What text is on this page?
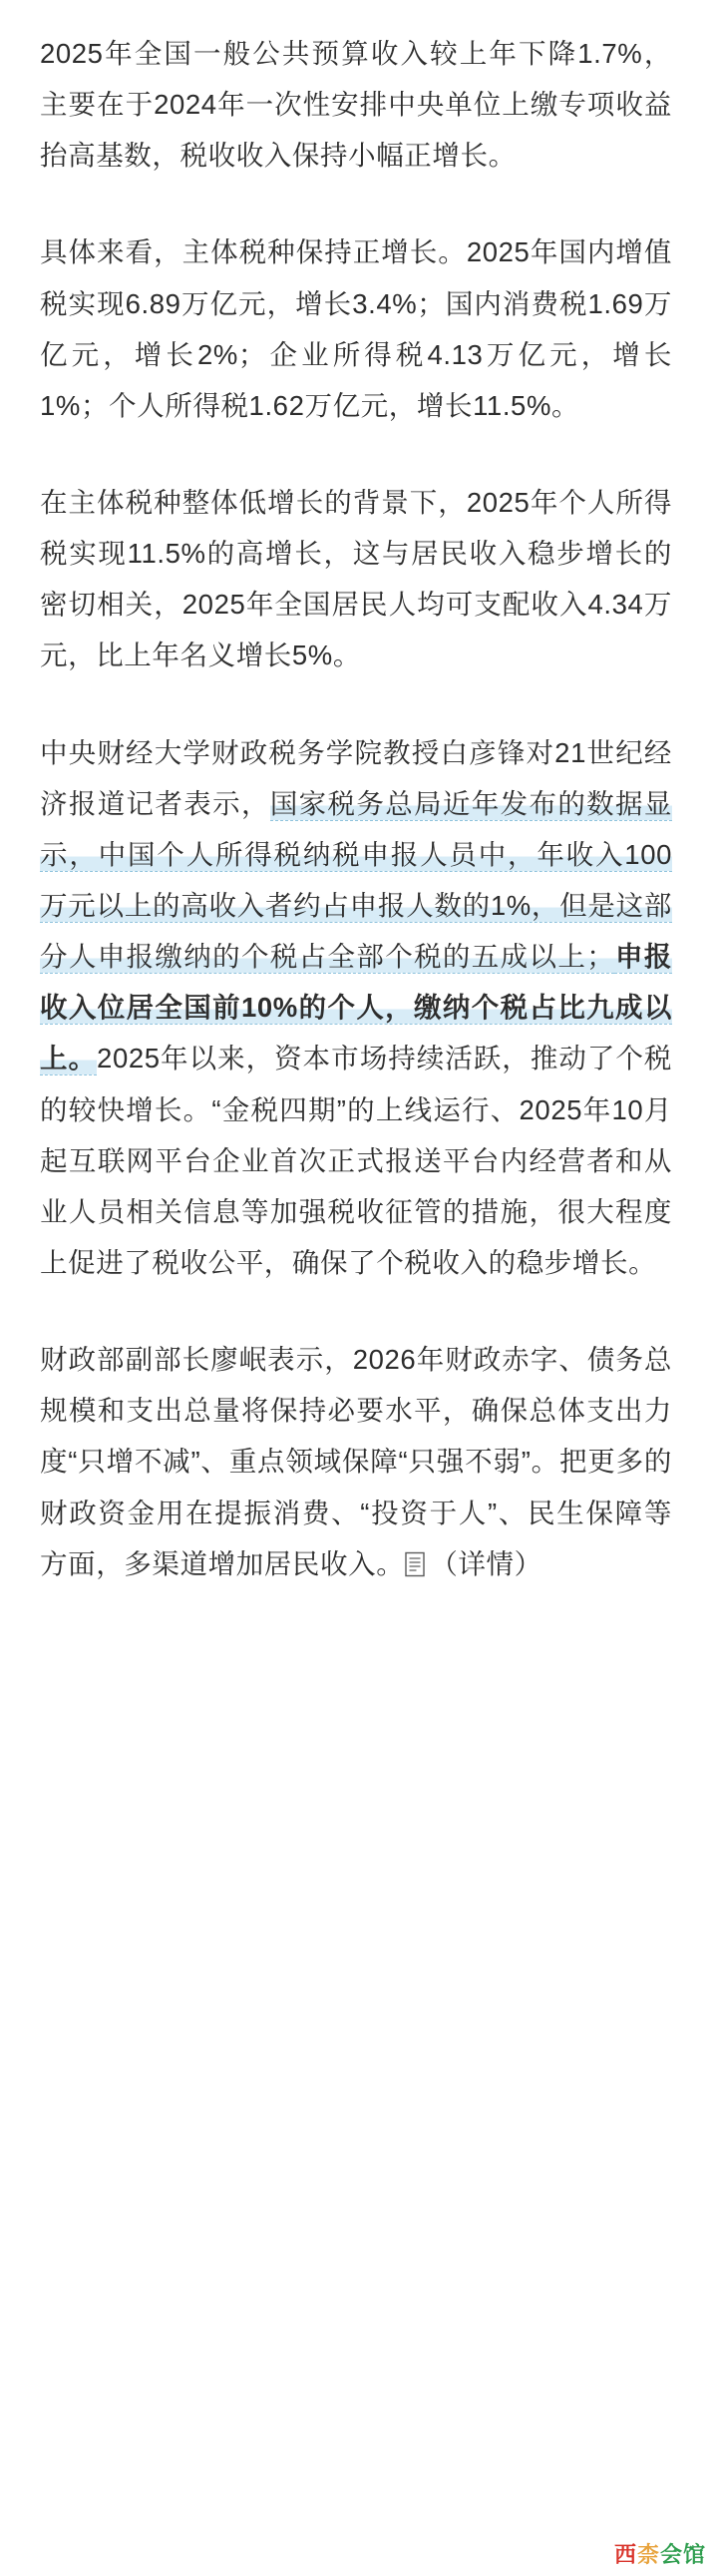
2025年全国一般公共预算收入较上年下降1.7%，主要在于2024年一次性安排中央单位上缴专项收益抬高基数，税收收入保持小幅正增长。

具体来看，主体税种保持正增长。2025年国内增值税实现6.89万亿元，增长3.4%；国内消费税1.69万亿元，增长2%；企业所得税4.13万亿元，增长1%；个人所得税1.62万亿元，增长11.5%。

在主体税种整体低增长的背景下，2025年个人所得税实现11.5%的高增长，这与居民收入稳步增长的密切相关，2025年全国居民人均可支配收入4.34万元，比上年名义增长5%。

中央财经大学财政税务学院教授白彦锋对21世纪经济报道记者表示，国家税务总局近年发布的数据显示，中国个人所得税纳税申报人员中，年收入100万元以上的高收入者约占申报人数的1%，但是这部分人申报缴纳的个税占全部个税的五成以上；申报收入位居全国前10%的个人，缴纳个税占比九成以上。2025年以来，资本市场持续活跃，推动了个税的较快增长。“金税四期”的上线运行、2025年10月起互联网平台企业首次正式报送平台内经营者和从业人员相关信息等加强税收征管的措施，很大程度上促进了税收公平，确保了个税收入的稳步增长。

财政部副部长廖岷表示，2026年财政赤字、债务总规模和支出总量将保持必要水平，确保总体支出力度“只增不减”、重点领域保障“只强不弱”。把更多的财政资金用在提振消费、“投资于人”、民生保障等方面，多渠道增加居民收入。 （详情）

西柰会馆
